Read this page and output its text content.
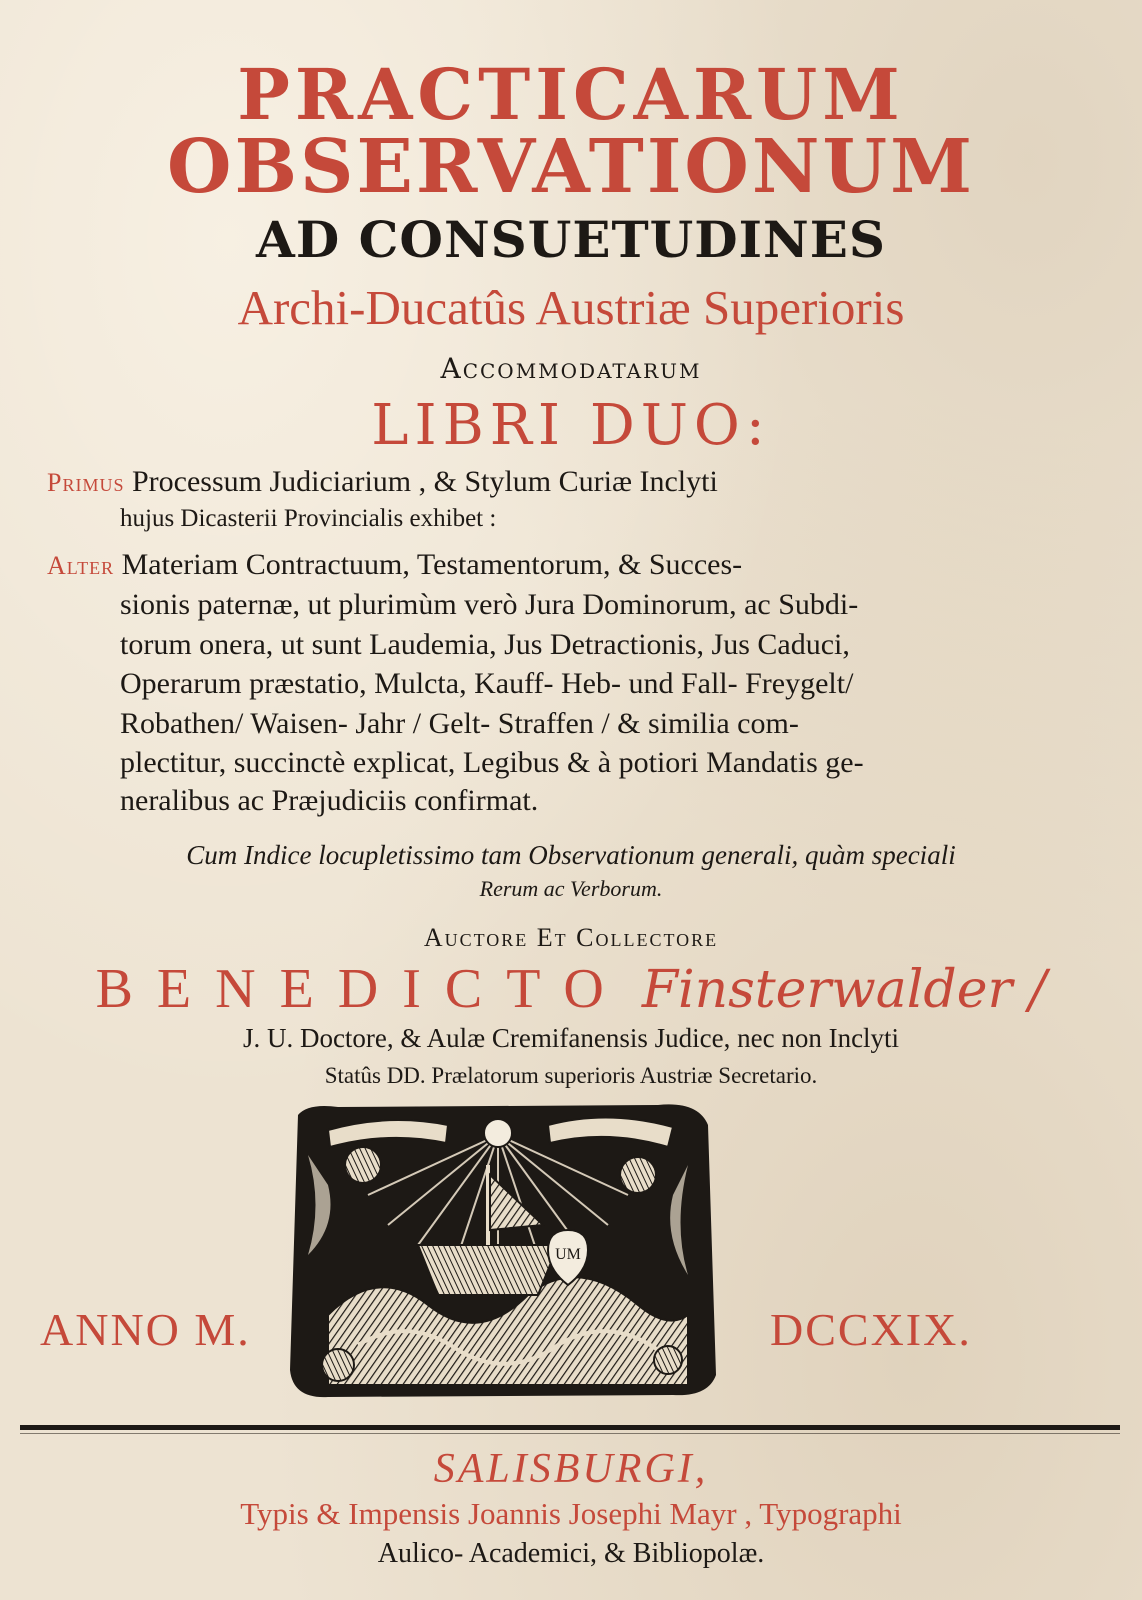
PRACTICARUM
OBSERVATIONUM
AD CONSUETUDINES
Archi-Ducatûs Austriæ Superioris
Accommodatarum
LIBRI DUO:
Primus Processum Judiciarium , & Stylum Curiæ Inclyti
hujus Dicasterii Provincialis exhibet :
Alter Materiam Contractuum, Testamentorum, & Succes-
sionis paternæ, ut plurimùm verò Jura Dominorum, ac Subdi-
torum onera, ut sunt Laudemia, Jus Detractionis, Jus Caduci,
Operarum præstatio, Mulcta, Kauff- Heb- und Fall- Freygelt/
Robathen/ Waisen- Jahr / Gelt- Straffen / & similia com-
plectitur, succinctè explicat, Legibus & à potiori Mandatis ge-
neralibus ac Præjudiciis confirmat.
Cum Indice locupletissimo tam Observationum generali, quàm speciali
Rerum ac Verborum.
Auctore Et Collectore
BENEDICTO Finsterwalder /
J. U. Doctore, & Aulæ Cremifanensis Judice, nec non Inclyti
Statûs DD. Prælatorum superioris Austriæ Secretario.
ANNO M.	DCCXIX.
UM
SALISBURGI,
Typis & Impensis Joannis Josephi Mayr , Typographi
Aulico- Academici, & Bibliopolæ.
